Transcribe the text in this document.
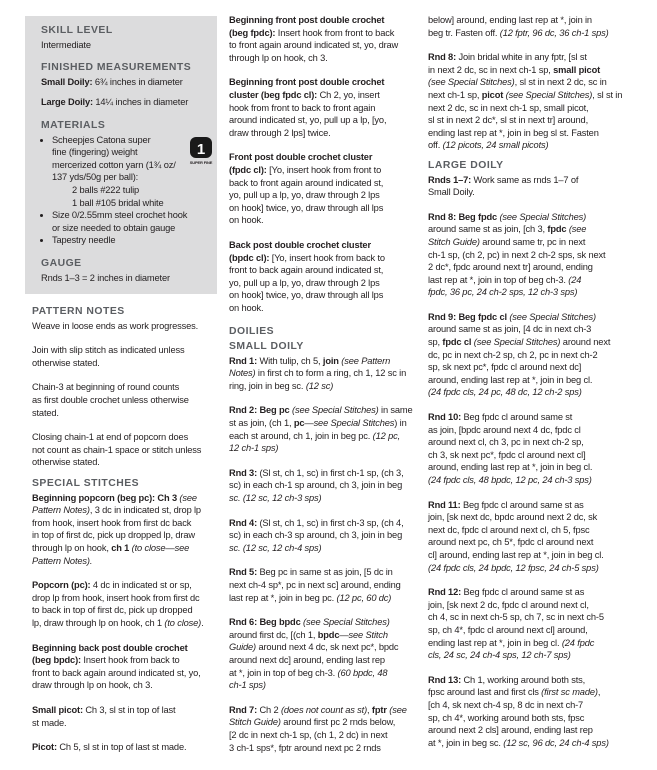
SKILL LEVEL
Intermediate
FINISHED MEASUREMENTS
Small Doily: 6¾ inches in diameter
Large Doily: 14¼ inches in diameter
MATERIALS
1
SUPER FINE
• Scheepjes Catona super
fine (fingering) weight
mercerized cotton yarn (1¾ oz/
137 yds/50g per ball):
2 balls #222 tulip
1 ball #105 bridal white
• Size 0/2.55mm steel crochet hook
or size needed to obtain gauge
• Tapestry needle
GAUGE
Rnds 1–3 = 2 inches in diameter
PATTERN NOTES
Weave in loose ends as work progresses.
Join with slip stitch as indicated unless
otherwise stated.
Chain-3 at beginning of round counts
as first double crochet unless otherwise
stated.
Closing chain-1 at end of popcorn does
not count as chain-1 space or stitch unless
otherwise stated.
SPECIAL STITCHES
Beginning popcorn (beg pc): Ch 3 (see
Pattern Notes), 3 dc in indicated st, drop lp
from hook, insert hook from first dc back
in top of first dc, pick up dropped lp, draw
through lp on hook, ch 1 (to close—see
Pattern Notes).
Popcorn (pc): 4 dc in indicated st or sp,
drop lp from hook, insert hook from first dc
to back in top of first dc, pick up dropped
lp, draw through lp on hook, ch 1 (to close).
Beginning back post double crochet
(beg bpdc): Insert hook from back to
front to back again around indicated st, yo,
draw through lp on hook, ch 3.
Small picot: Ch 3, sl st in top of last
st made.
Picot: Ch 5, sl st in top of last st made.
Beginning front post double crochet
(beg fpdc): Insert hook from front to back
to front again around indicated st, yo, draw
through lp on hook, ch 3.
Beginning front post double crochet
cluster (beg fpdc cl): Ch 2, yo, insert
hook from front to back to front again
around indicated st, yo, pull up a lp, [yo,
draw through 2 lps] twice.
Front post double crochet cluster
(fpdc cl): [Yo, insert hook from front to
back to front again around indicated st,
yo, pull up a lp, yo, draw through 2 lps
on hook] twice, yo, draw through all lps
on hook.
Back post double crochet cluster
(bpdc cl): [Yo, insert hook from back to
front to back again around indicated st,
yo, pull up a lp, yo, draw through 2 lps
on hook] twice, yo, draw through all lps
on hook.
DOILIES
SMALL DOILY
Rnd 1: With tulip, ch 5, join (see Pattern
Notes) in first ch to form a ring, ch 1, 12 sc in
ring, join in beg sc. (12 sc)
Rnd 2: Beg pc (see Special Stitches) in same
st as join, (ch 1, pc—see Special Stitches) in
each st around, ch 1, join in beg pc. (12 pc,
12 ch-1 sps)
Rnd 3: (Sl st, ch 1, sc) in first ch-1 sp, (ch 3,
sc) in each ch-1 sp around, ch 3, join in beg
sc. (12 sc, 12 ch-3 sps)
Rnd 4: (Sl st, ch 1, sc) in first ch-3 sp, (ch 4,
sc) in each ch-3 sp around, ch 3, join in beg
sc. (12 sc, 12 ch-4 sps)
Rnd 5: Beg pc in same st as join, [5 dc in
next ch-4 sp*, pc in next sc] around, ending
last rep at *, join in beg pc. (12 pc, 60 dc)
Rnd 6: Beg bpdc (see Special Stitches)
around first dc, [(ch 1, bpdc—see Stitch
Guide) around next 4 dc, sk next pc*, bpdc
around next dc] around, ending last rep
at *, join in top of beg ch-3. (60 bpdc, 48
ch-1 sps)
Rnd 7: Ch 2 (does not count as st), fptr (see
Stitch Guide) around first pc 2 rnds below,
[2 dc in next ch-1 sp, (ch 1, 2 dc) in next
3 ch-1 sps*, fptr around next pc 2 rnds
below] around, ending last rep at *, join in
beg tr. Fasten off. (12 fptr, 96 dc, 36 ch-1 sps)
Rnd 8: Join bridal white in any fptr, [sl st
in next 2 dc, sc in next ch-1 sp, small picot
(see Special Stitches), sl st in next 2 dc, sc in
next ch-1 sp, picot (see Special Stitches), sl st in
next 2 dc, sc in next ch-1 sp, small picot,
sl st in next 2 dc*, sl st in next tr] around,
ending last rep at *, join in beg sl st. Fasten
off. (12 picots, 24 small picots)
LARGE DOILY
Rnds 1–7: Work same as rnds 1–7 of
Small Doily.
Rnd 8: Beg fpdc (see Special Stitches)
around same st as join, [ch 3, fpdc (see
Stitch Guide) around same tr, pc in next
ch-1 sp, (ch 2, pc) in next 2 ch-2 sps, sk next
2 dc*, fpdc around next tr] around, ending
last rep at *, join in top of beg ch-3. (24
fpdc, 36 pc, 24 ch-2 sps, 12 ch-3 sps)
Rnd 9: Beg fpdc cl (see Special Stitches)
around same st as join, [4 dc in next ch-3
sp, fpdc cl (see Special Stitches) around next
dc, pc in next ch-2 sp, ch 2, pc in next ch-2
sp, sk next pc*, fpdc cl around next dc]
around, ending last rep at *, join in beg cl.
(24 fpdc cls, 24 pc, 48 dc, 12 ch-2 sps)
Rnd 10: Beg fpdc cl around same st
as join, [bpdc around next 4 dc, fpdc cl
around next cl, ch 3, pc in next ch-2 sp,
ch 3, sk next pc*, fpdc cl around next cl]
around, ending last rep at *, join in beg cl.
(24 fpdc cls, 48 bpdc, 12 pc, 24 ch-3 sps)
Rnd 11: Beg fpdc cl around same st as
join, [sk next dc, bpdc around next 2 dc, sk
next dc, fpdc cl around next cl, ch 5, fpsc
around next pc, ch 5*, fpdc cl around next
cl] around, ending last rep at *, join in beg cl.
(24 fpdc cls, 24 bpdc, 12 fpsc, 24 ch-5 sps)
Rnd 12: Beg fpdc cl around same st as
join, [sk next 2 dc, fpdc cl around next cl,
ch 4, sc in next ch-5 sp, ch 7, sc in next ch-5
sp, ch 4*, fpdc cl around next cl] around,
ending last rep at *, join in beg cl. (24 fpdc
cls, 24 sc, 24 ch-4 sps, 12 ch-7 sps)
Rnd 13: Ch 1, working around both sts,
fpsc around last and first cls (first sc made),
[ch 4, sk next ch-4 sp, 8 dc in next ch-7
sp, ch 4*, working around both sts, fpsc
around next 2 cls] around, ending last rep
at *, join in beg sc. (12 sc, 96 dc, 24 ch-4 sps)
